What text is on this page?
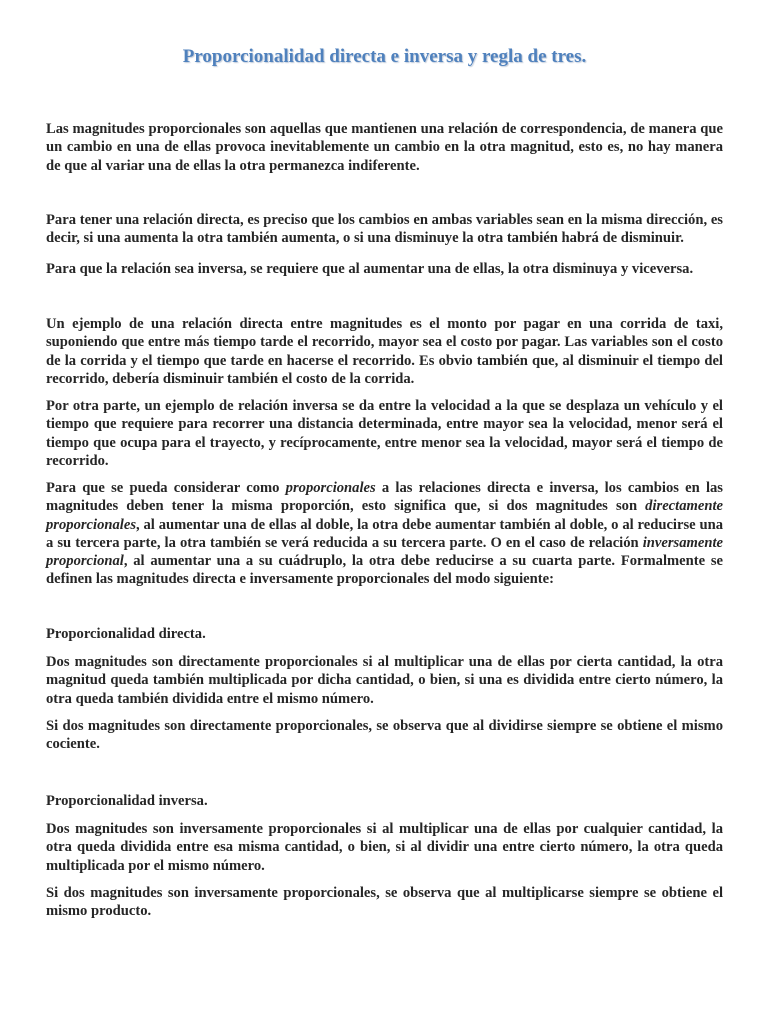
Proporcionalidad directa e inversa y regla de tres.

Las magnitudes proporcionales son aquellas que mantienen una relación de correspondencia, de manera que un cambio en una de ellas provoca inevitablemente un cambio en la otra magnitud, esto es, no hay manera de que al variar una de ellas la otra permanezca indiferente.

Para tener una relación directa, es preciso que los cambios en ambas variables sean en la misma dirección, es decir, si una aumenta la otra también aumenta, o si una disminuye la otra también habrá de disminuir.

Para que la relación sea inversa, se requiere que al aumentar una de ellas, la otra disminuya y viceversa.

Un ejemplo de una relación directa entre magnitudes es el monto por pagar en una corrida de taxi, suponiendo que entre más tiempo tarde el recorrido, mayor sea el costo por pagar. Las variables son el costo de la corrida y el tiempo que tarde en hacerse el recorrido. Es obvio también que, al disminuir el tiempo del recorrido, debería disminuir también el costo de la corrida.

Por otra parte, un ejemplo de relación inversa se da entre la velocidad a la que se desplaza un vehículo y el tiempo que requiere para recorrer una distancia determinada, entre mayor sea la velocidad, menor será el tiempo que ocupa para el trayecto, y recíprocamente, entre menor sea la velocidad, mayor será el tiempo de recorrido.

Para que se pueda considerar como proporcionales a las relaciones directa e inversa, los cambios en las magnitudes deben tener la misma proporción, esto significa que, si dos magnitudes son directamente proporcionales, al aumentar una de ellas al doble, la otra debe aumentar también al doble, o al reducirse una a su tercera parte, la otra también se verá reducida a su tercera parte. O en el caso de relación inversamente proporcional, al aumentar una a su cuádruplo, la otra debe reducirse a su cuarta parte. Formalmente se definen las magnitudes directa e inversamente proporcionales del modo siguiente:

Proporcionalidad directa.

Dos magnitudes son directamente proporcionales si al multiplicar una de ellas por cierta cantidad, la otra magnitud queda también multiplicada por dicha cantidad, o bien, si una es dividida entre cierto número, la otra queda también dividida entre el mismo número.

Si dos magnitudes son directamente proporcionales, se observa que al dividirse siempre se obtiene el mismo cociente.

Proporcionalidad inversa.

Dos magnitudes son inversamente proporcionales si al multiplicar una de ellas por cualquier cantidad, la otra queda dividida entre esa misma cantidad, o bien, si al dividir una entre cierto número, la otra queda multiplicada por el mismo número.

Si dos magnitudes son inversamente proporcionales, se observa que al multiplicarse siempre se obtiene el mismo producto.
